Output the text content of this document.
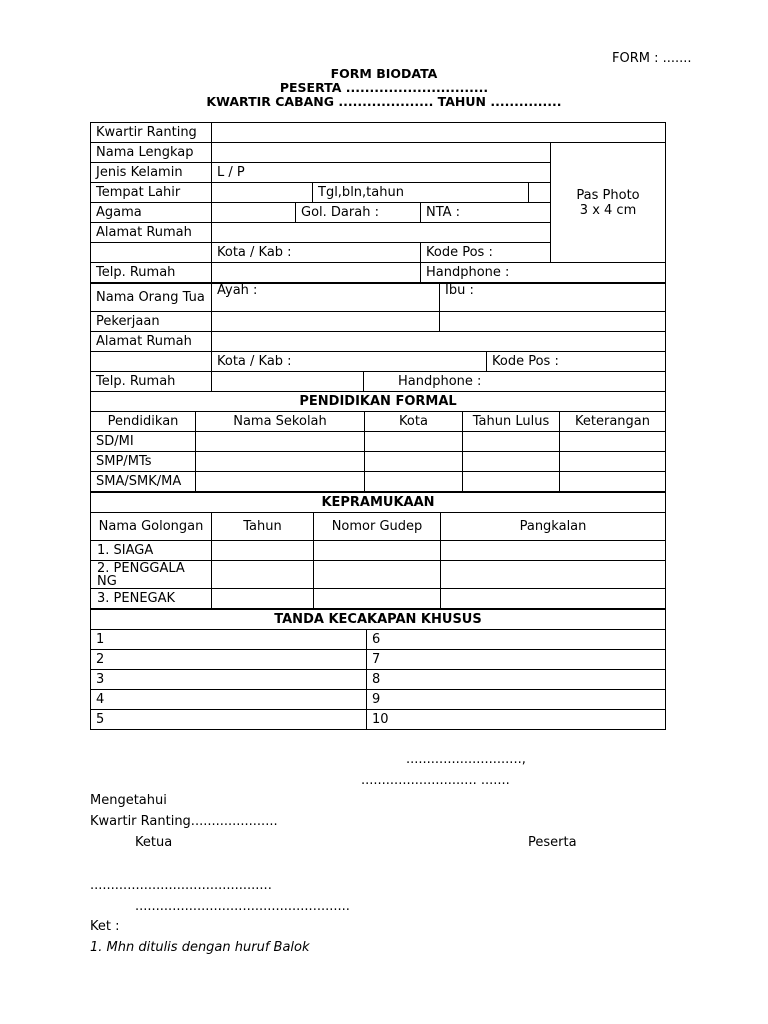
FORM : .......
FORM BIODATA
PESERTA ..............................
KWARTIR CABANG .................... TAHUN ...............
Kwartir Ranting							
Nama Lengkap						Pas Photo
3 x 4 cm	
Jenis Kelamin	L / P						
Tempat Lahir			Tgl,bln,tahun				
Agama		Gol. Darah :		NTA :			
Alamat Rumah							
	Kota / Kab :			Kode Pos :			
Telp. Rumah				Handphone :			
Nama Orang Tua	Ayah :	Ibu :
Pekerjaan		
Alamat Rumah			
	Kota / Kab :		Kode Pos :
Telp. Rumah		Handphone :	
PENDIDIKAN FORMAL				
Pendidikan	Nama Sekolah	Kota	Tahun Lulus	Keterangan
SD/MI				
SMP/MTs				
SMA/SMK/MA				
KEPRAMUKAAN			
Nama Golongan	Tahun	Nomor Gudep	Pangkalan
1. SIAGA			
2. PENGGALA NG			
3. PENEGAK			
TANDA KECAKAPAN KHUSUS	
1	6
2	7
3	8
4	9
5	10
............................,
............................ .......
Mengetahui
Kwartir Ranting.....................
Ketua	Peserta
............................................
....................................................
Ket :
1. Mhn ditulis dengan huruf Balok
